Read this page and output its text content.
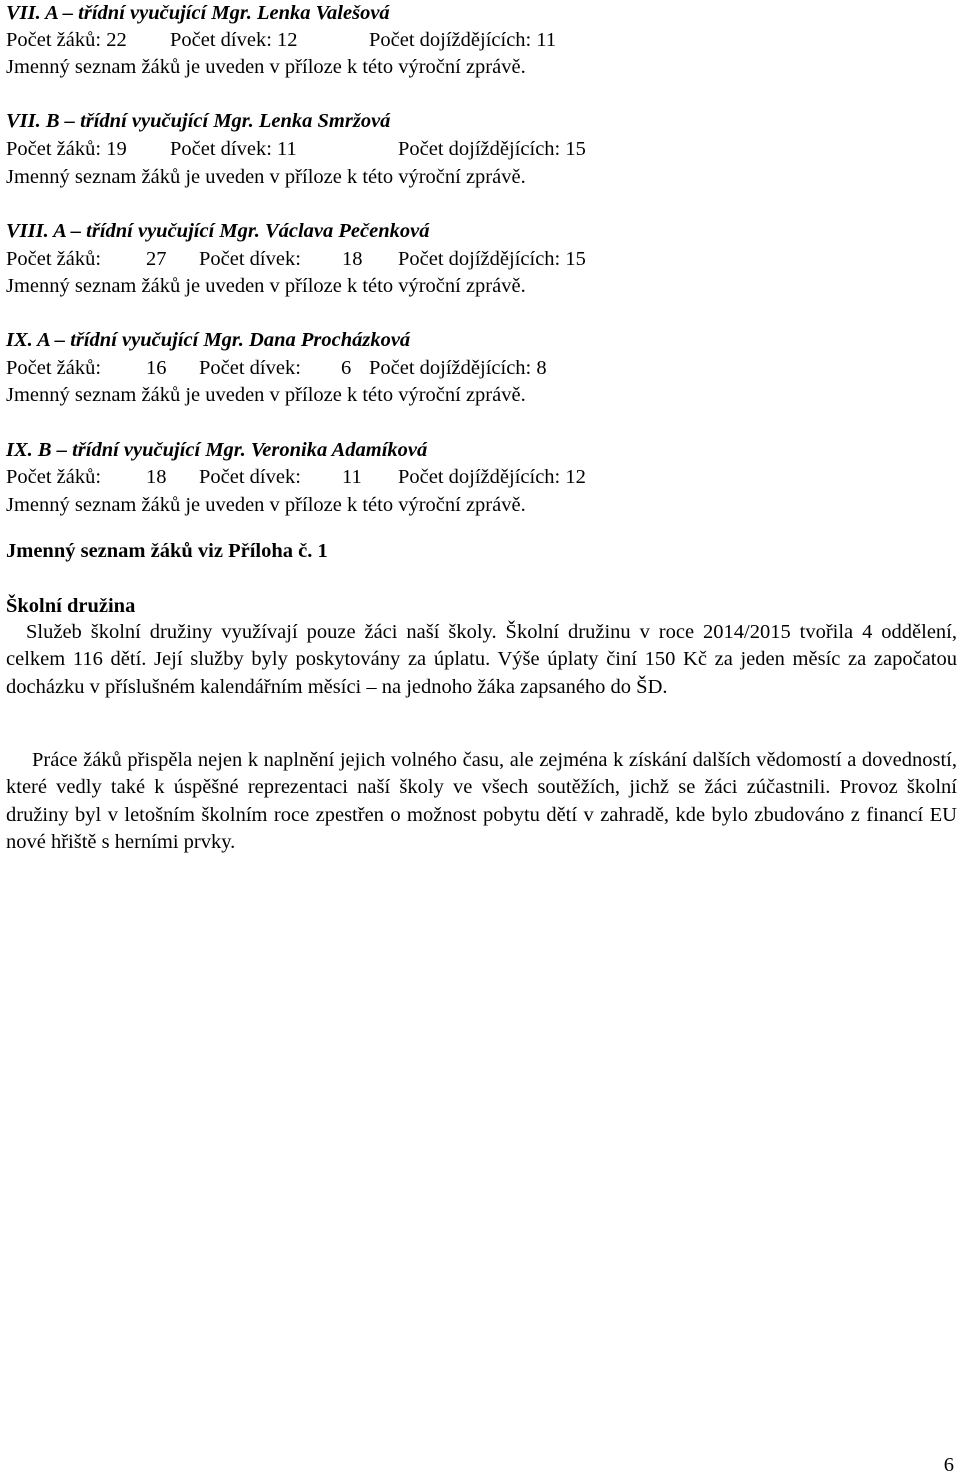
VII. A – třídní vyučující Mgr. Lenka Valešová
Počet žáků: 22 Počet dívek: 12	Počet dojíždějících: 11
Jmenný seznam žáků je uveden v příloze k této výroční zprávě.
VII. B – třídní vyučující Mgr. Lenka Smržová
Počet žáků: 19 Počet dívek: 11	Počet dojíždějících: 15
Jmenný seznam žáků je uveden v příloze k této výroční zprávě.
VIII. A – třídní vyučující Mgr. Václava Pečenková
Počet žáků: 27 Počet dívek: 18 Počet dojíždějících: 15
Jmenný seznam žáků je uveden v příloze k této výroční zprávě.
IX. A – třídní vyučující Mgr. Dana Procházková
Počet žáků: 16 Počet dívek: 6 Počet dojíždějících: 8
Jmenný seznam žáků je uveden v příloze k této výroční zprávě.
IX. B – třídní vyučující Mgr. Veronika Adamíková
Počet žáků: 18 Počet dívek: 11 Počet dojíždějících: 12
Jmenný seznam žáků je uveden v příloze k této výroční zprávě.
Jmenný seznam žáků viz Příloha č. 1
Školní družina
Služeb školní družiny využívají pouze žáci naší školy. Školní družinu v roce 2014/2015 tvořila 4 oddělení, celkem 116 dětí. Její služby byly poskytovány za úplatu. Výše úplaty činí 150 Kč za jeden měsíc za započatou docházku v příslušném kalendářním měsíci – na jednoho žáka zapsaného do ŠD.
Práce žáků přispěla nejen k naplnění jejich volného času, ale zejména k získání dalších vědomostí a dovedností, které vedly také k úspěšné reprezentaci naší školy ve všech soutěžích, jichž se žáci zúčastnili. Provoz školní družiny byl v letošním školním roce zpestřen o možnost pobytu dětí v zahradě, kde bylo zbudováno z financí EU nové hřiště s herními prvky.
6
